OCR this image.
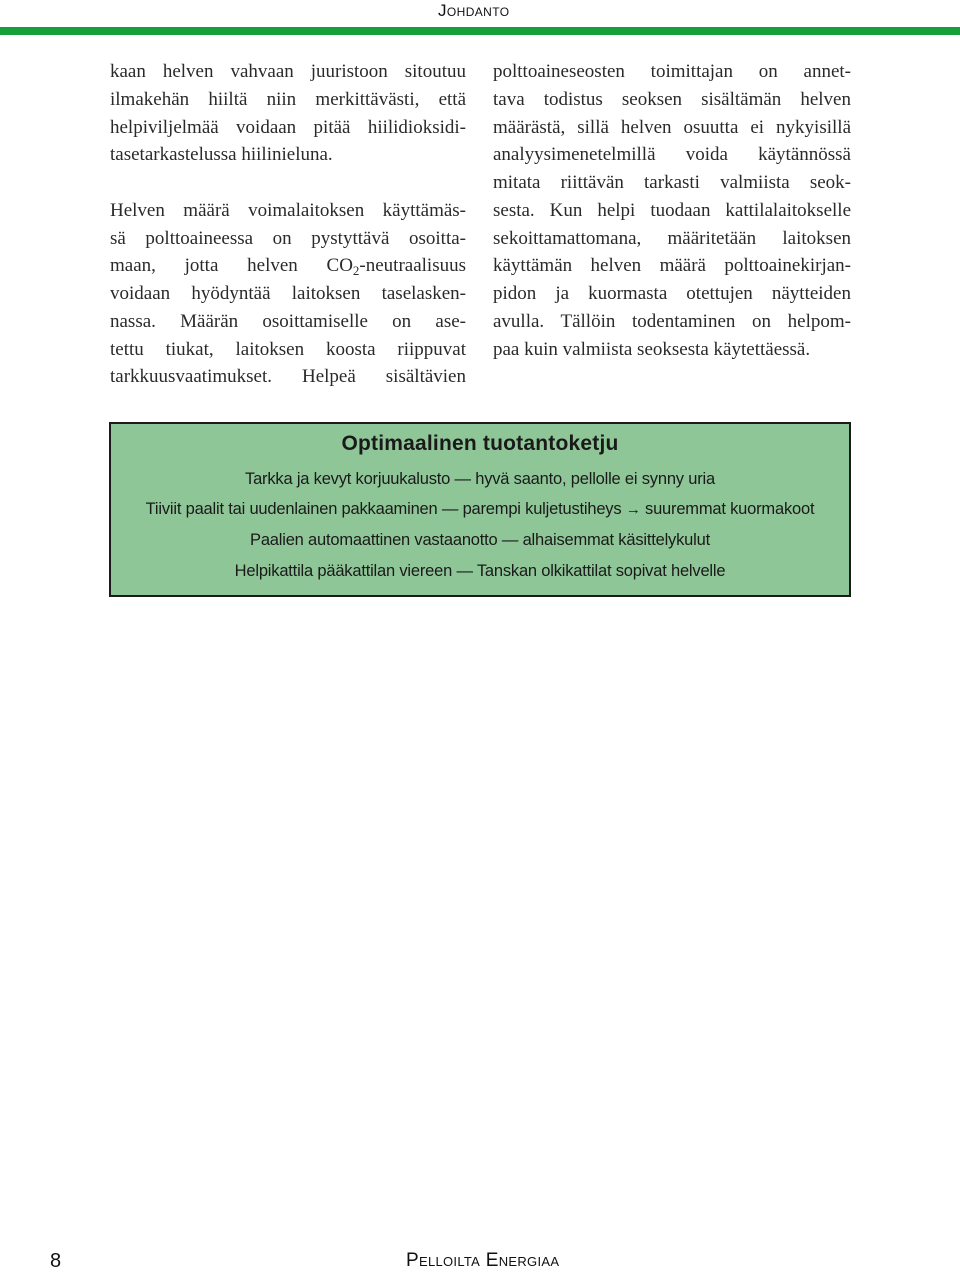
Johdanto
kaan helven vahvaan juuristoon sitoutuu
ilmakehän hiiltä niin merkittävästi, että
helpiviljelmää voidaan pitää hiilidioksidi-
tasetarkastelussa hiilinieluna.
Helven määrä voimalaitoksen käyttämäs-
sä polttoaineessa on pystyttävä osoitta-
maan, jotta helven $CO_2$-neutraalisuus
voidaan hyödyntää laitoksen taselasken-
nassa. Määrän osoittamiselle on ase-
tettu tiukat, laitoksen koosta riippuvat
tarkkuusvaatimukset. Helpeä sisältävien
polttoaineseosten toimittajan on annet-
tava todistus seoksen sisältämän helven
määrästä, sillä helven osuutta ei nykyisillä
analyysimenetelmillä voida käytännössä
mitata riittävän tarkasti valmiista seok-
sesta. Kun helpi tuodaan kattilalaitokselle
sekoittamattomana, määritetään laitoksen
käyttämän helven määrä polttoainekirjan-
pidon ja kuormasta otettujen näytteiden
avulla. Tällöin todentaminen on helpom-
paa kuin valmiista seoksesta käytettäessä.
Optimaalinen tuotantoketju
Tarkka ja kevyt korjuukalusto — hyvä saanto, pellolle ei synny uria
Tiiviit paalit tai uudenlainen pakkaaminen — parempi kuljetustiheys → suuremmat kuormakoot
Paalien automaattinen vastaanotto — alhaisemmat käsittelykulut
Helpikattila pääkattilan viereen — Tanskan olkikattilat sopivat helvelle
8	Pelloilta Energiaa
